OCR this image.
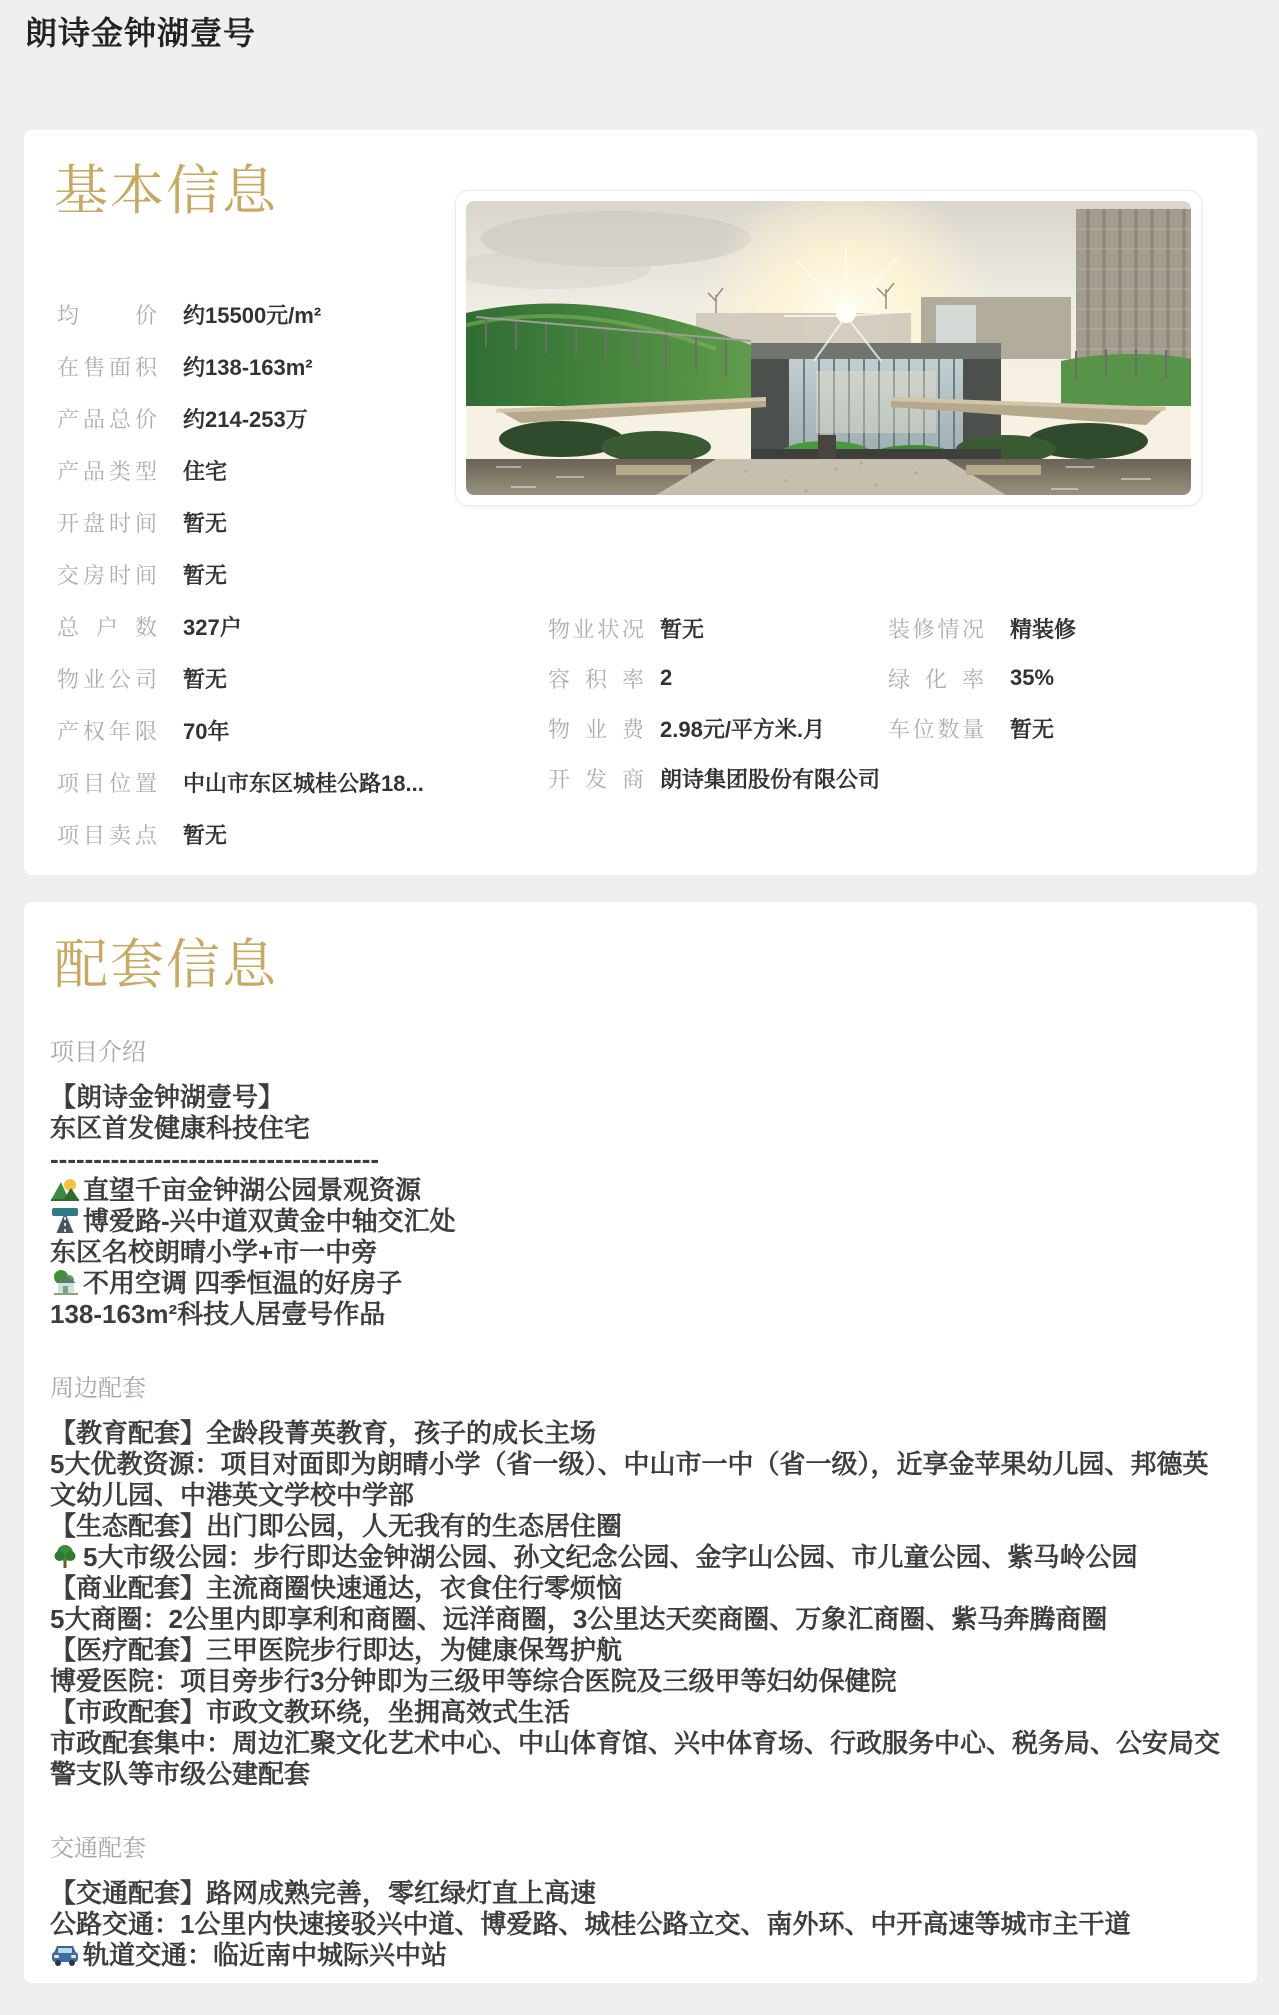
朗诗金钟湖壹号
基本信息
均价 约15500元/m²
在售面积 约138-163m²
产品总价 约214-253万
产品类型 住宅
开盘时间 暂无
交房时间 暂无
总户数 327户
物业公司 暂无
产权年限 70年
项目位置 中山市东区城桂公路18...
项目卖点 暂无
物业状况 暂无
容积率 2
物业费 2.98元/平方米.月
开发商 朗诗集团股份有限公司
装修情况 精装修
绿化率 35%
车位数量 暂无
配套信息
项目介绍
【朗诗金钟湖壹号】
东区首发健康科技住宅
--------------------------------------
直望千亩金钟湖公园景观资源
博爱路-兴中道双黄金中轴交汇处
东区名校朗晴小学+市一中旁
不用空调 四季恒温的好房子
138-163m²科技人居壹号作品
周边配套
【教育配套】全龄段菁英教育，孩子的成长主场
5大优教资源：项目对面即为朗晴小学（省一级）、中山市一中（省一级），近享金苹果幼儿园、邦德英文幼儿园、中港英文学校中学部
【生态配套】出门即公园，人无我有的生态居住圈
5大市级公园：步行即达金钟湖公园、孙文纪念公园、金字山公园、市儿童公园、紫马岭公园
【商业配套】主流商圈快速通达，衣食住行零烦恼
5大商圈：2公里内即享利和商圈、远洋商圈，3公里达天奕商圈、万象汇商圈、紫马奔腾商圈
【医疗配套】三甲医院步行即达，为健康保驾护航
博爱医院：项目旁步行3分钟即为三级甲等综合医院及三级甲等妇幼保健院
【市政配套】市政文教环绕，坐拥高效式生活
市政配套集中：周边汇聚文化艺术中心、中山体育馆、兴中体育场、行政服务中心、税务局、公安局交警支队等市级公建配套
交通配套
【交通配套】路网成熟完善，零红绿灯直上高速
公路交通：1公里内快速接驳兴中道、博爱路、城桂公路立交、南外环、中开高速等城市主干道
轨道交通：临近南中城际兴中站
